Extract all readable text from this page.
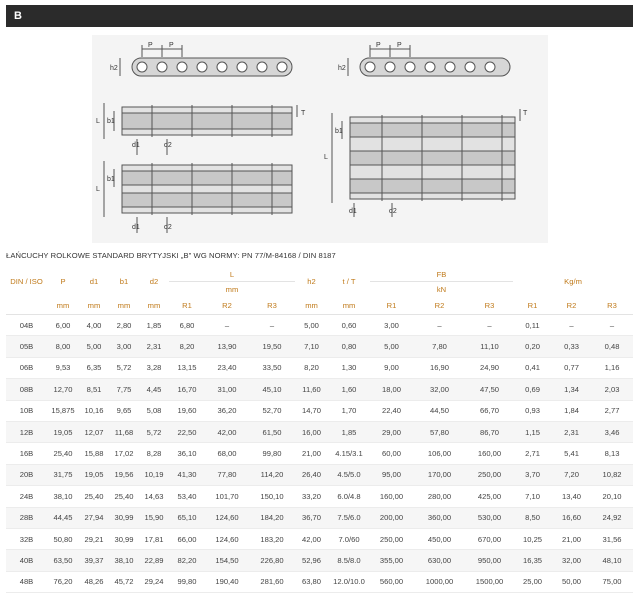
B
P P
h2
L b1
d1	d2
T
L
b1
d1	d2
P P
h2
L
b1
d1	d2
T
ŁAŃCUCHY ROLKOWE STANDARD BRYTYJSKI „B” WG NORMY: PN 77/M-84168 / DIN 8187
DIN / ISO	P	d1	b1	d2	L			h2	t / T	FB			Kg/m		
					mm					kN					
	mm	mm	mm	mm	R1	R2	R3	mm	mm	R1	R2	R3	R1	R2	R3
04B	6,00	4,00	2,80	1,85	6,80	–	–	5,00	0,60	3,00	–	–	0,11	–	–
05B	8,00	5,00	3,00	2,31	8,20	13,90	19,50	7,10	0,80	5,00	7,80	11,10	0,20	0,33	0,48
06B	9,53	6,35	5,72	3,28	13,15	23,40	33,50	8,20	1,30	9,00	16,90	24,90	0,41	0,77	1,16
08B	12,70	8,51	7,75	4,45	16,70	31,00	45,10	11,60	1,60	18,00	32,00	47,50	0,69	1,34	2,03
10B	15,875	10,16	9,65	5,08	19,60	36,20	52,70	14,70	1,70	22,40	44,50	66,70	0,93	1,84	2,77
12B	19,05	12,07	11,68	5,72	22,50	42,00	61,50	16,00	1,85	29,00	57,80	86,70	1,15	2,31	3,46
16B	25,40	15,88	17,02	8,28	36,10	68,00	99,80	21,00	4.15/3.1	60,00	106,00	160,00	2,71	5,41	8,13
20B	31,75	19,05	19,56	10,19	41,30	77,80	114,20	26,40	4.5/5.0	95,00	170,00	250,00	3,70	7,20	10,82
24B	38,10	25,40	25,40	14,63	53,40	101,70	150,10	33,20	6.0/4.8	160,00	280,00	425,00	7,10	13,40	20,10
28B	44,45	27,94	30,99	15,90	65,10	124,60	184,20	36,70	7.5/6.0	200,00	360,00	530,00	8,50	16,60	24,92
32B	50,80	29,21	30,99	17,81	66,00	124,60	183,20	42,00	7.0/60	250,00	450,00	670,00	10,25	21,00	31,56
40B	63,50	39,37	38,10	22,89	82,20	154,50	226,80	52,96	8.5/8.0	355,00	630,00	950,00	16,35	32,00	48,10
48B	76,20	48,26	45,72	29,24	99,80	190,40	281,60	63,80	12.0/10.0	560,00	1000,00	1500,00	25,00	50,00	75,00
